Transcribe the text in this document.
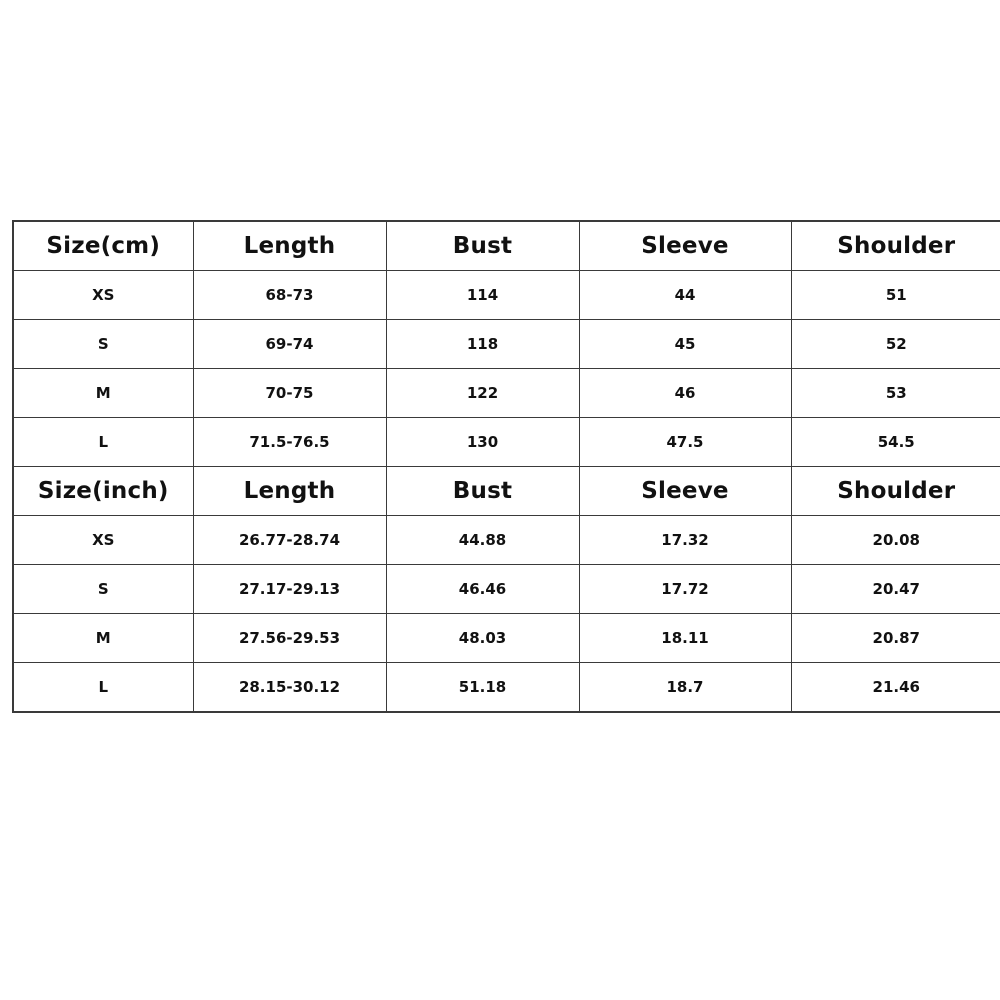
Size(cm)	Length	Bust	Sleeve	Shoulder
XS	68-73	114	44	51
S	69-74	118	45	52
M	70-75	122	46	53
L	71.5-76.5	130	47.5	54.5
Size(inch)	Length	Bust	Sleeve	Shoulder
XS	26.77-28.74	44.88	17.32	20.08
S	27.17-29.13	46.46	17.72	20.47
M	27.56-29.53	48.03	18.11	20.87
L	28.15-30.12	51.18	18.7	21.46
